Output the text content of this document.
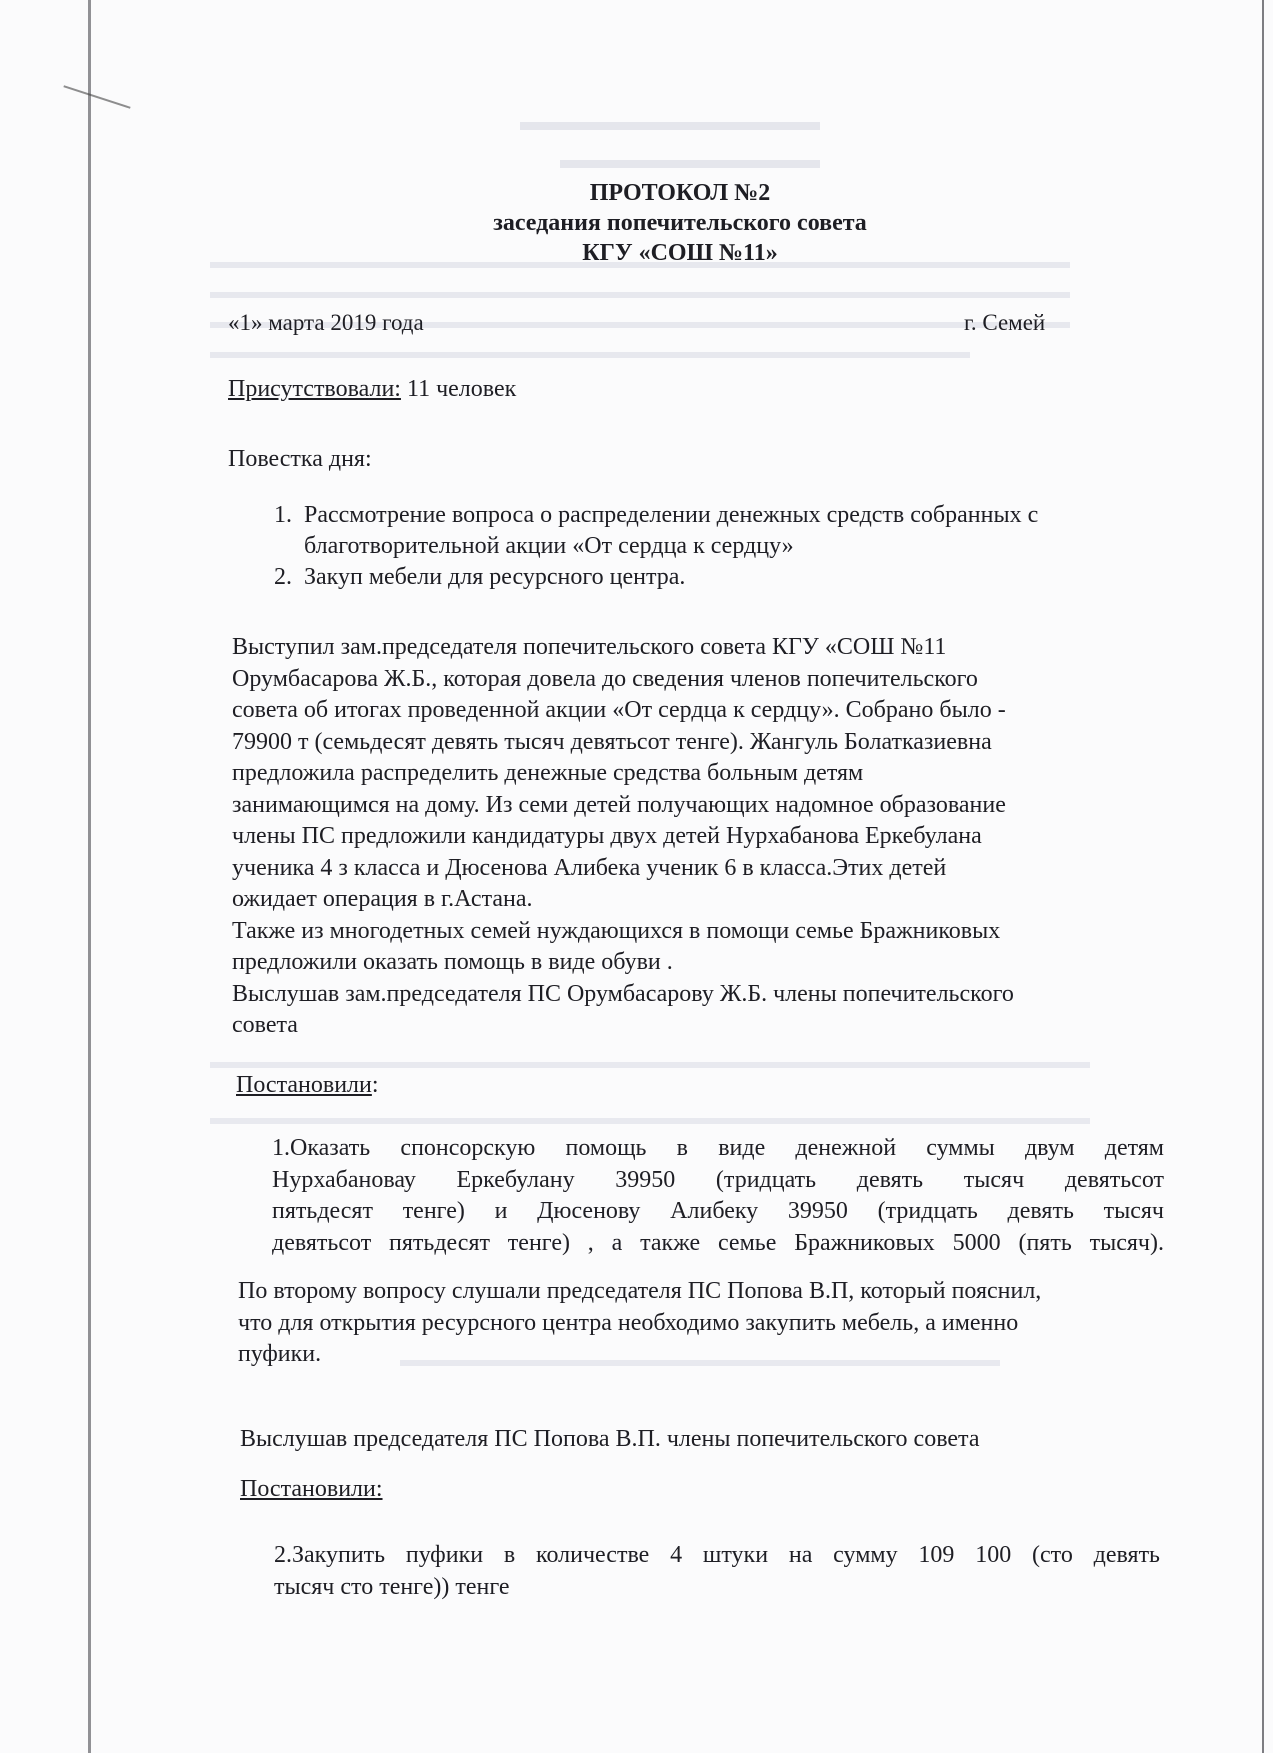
ПРОТОКОЛ №2
заседания попечительского совета
КГУ «СОШ №11»
«1» марта 2019 года	г. Семей
Присутствовали: 11 человек
Повестка дня:
1. Рассмотрение вопроса о распределении денежных средств собранных с благотворительной акции «От сердца к сердцу»
2. Закуп мебели для ресурсного центра.
Выступил зам.председателя попечительского совета КГУ «СОШ №11
Орумбасарова Ж.Б., которая довела до сведения членов попечительского
совета об итогах проведенной акции «От сердца к сердцу». Собрано было -
79900 т (семьдесят девять тысяч девятьсот тенге). Жангуль Болатказиевна
предложила распределить денежные средства больным детям
занимающимся на дому. Из семи детей получающих надомное образование
члены ПС предложили кандидатуры двух детей Нурхабанова Еркебулана
ученика 4 з класса и Дюсенова Алибека ученик 6 в класса.Этих детей
ожидает операция в г.Астана.
Также из многодетных семей нуждающихся в помощи семье Бражниковых
предложили оказать помощь в виде обуви .
Выслушав зам.председателя ПС Орумбасарову Ж.Б. члены попечительского
совета
Постановили:
1.Оказать спонсорскую помощь в виде денежной суммы двум детям
Нурхабановау Еркебулану 39950 (тридцать девять тысяч девятьсот
пятьдесят тенге) и Дюсенову Алибеку 39950 (тридцать девять тысяч
девятьсот пятьдесят тенге) , а также семье Бражниковых 5000 (пять тысяч).
По второму вопросу слушали председателя ПС Попова В.П, который пояснил,
что для открытия ресурсного центра необходимо закупить мебель, а именно
пуфики.
Выслушав председателя ПС Попова В.П. члены попечительского совета
Постановили:
2.Закупить пуфики в количестве 4 штуки на сумму 109 100 (сто девять
тысяч сто тенге)) тенге
